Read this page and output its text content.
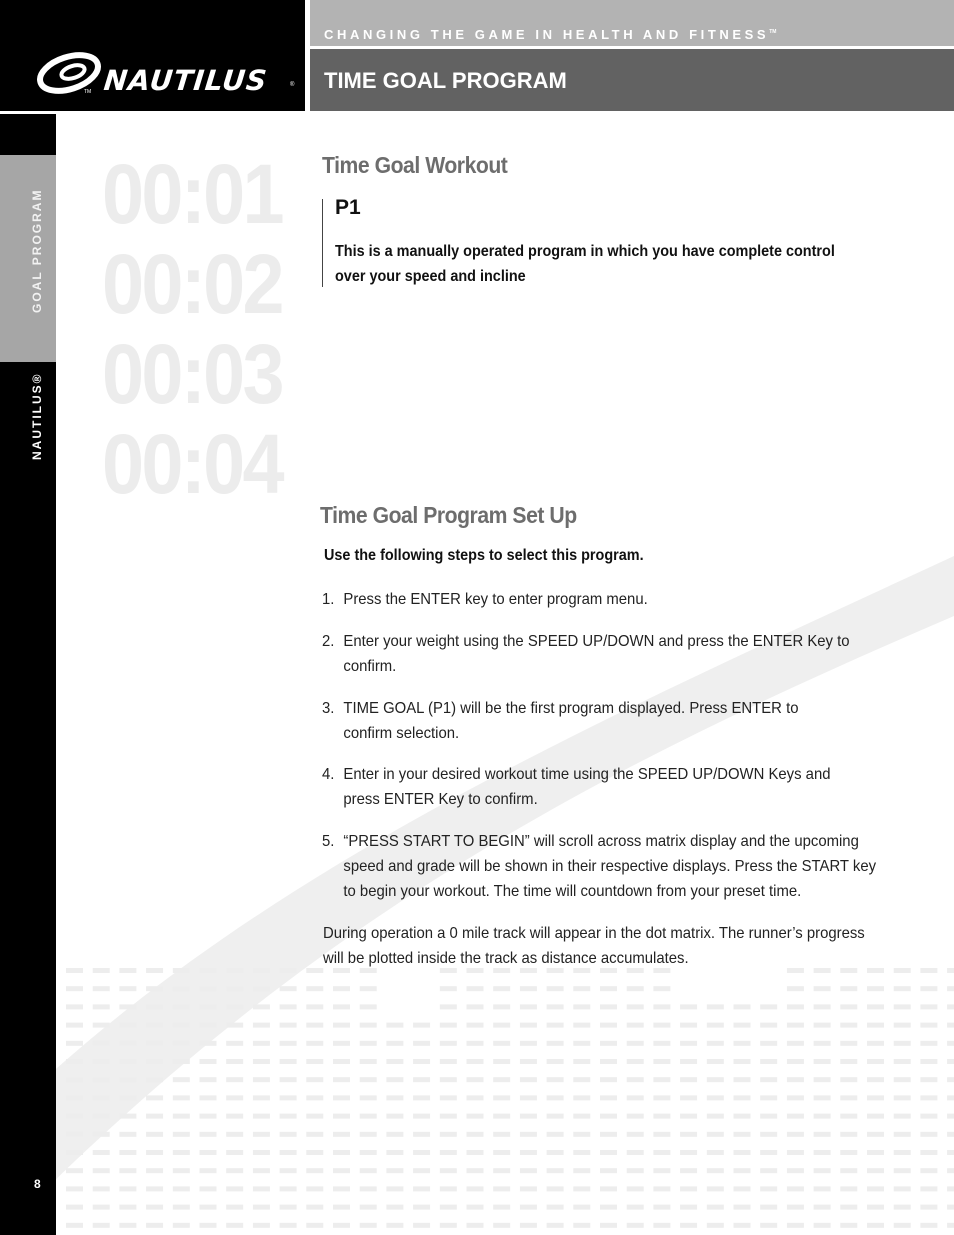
00:01
00:02
00:03
00:04
TM NAUTILUS	®
CHANGING THE GAME IN HEALTH AND FITNESS™
TIME GOAL PROGRAM
GOAL PROGRAM
NAUTILUS®
8
Time Goal Workout
P1
This is a manually operated program in which you have complete control over your speed and incline
Time Goal Program Set Up
Use the following steps to select this program.
1. Press the ENTER key to enter program menu.
2. Enter your weight using the SPEED UP/DOWN and press the ENTER Key to confirm.
3. TIME GOAL (P1) will be the first program displayed. Press ENTER to confirm selection.
4. Enter in your desired workout time using the SPEED UP/DOWN Keys and press ENTER Key to confirm.
5. “PRESS START TO BEGIN” will scroll across matrix display and the upcoming speed and grade will be shown in their respective displays. Press the START key to begin your workout. The time will countdown from your preset time.
During operation a 0 mile track will appear in the dot matrix. The runner’s progress will be plotted inside the track as distance accumulates.
